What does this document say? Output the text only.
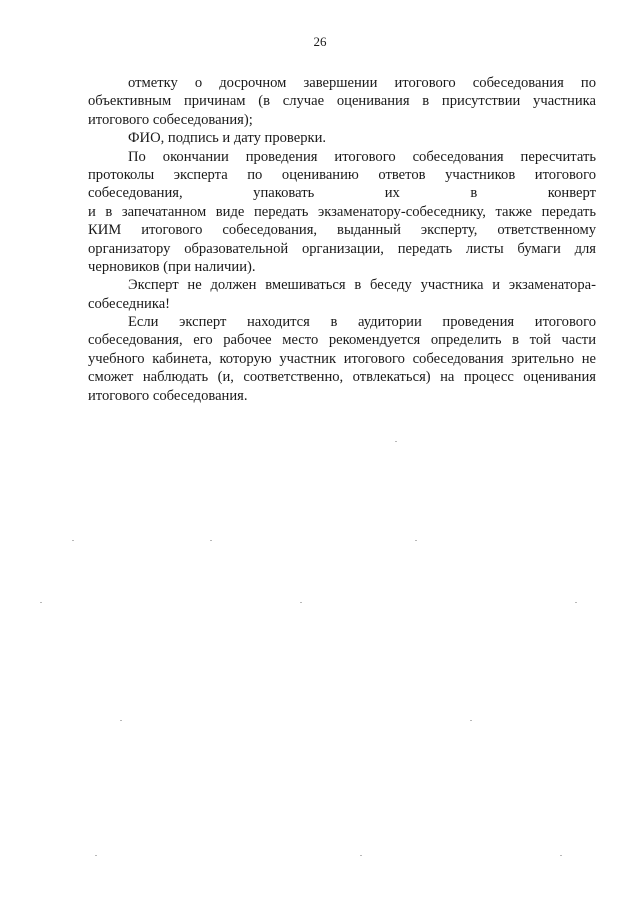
26
отметку о досрочном завершении итогового собеседования по
объективным причинам (в случае оценивания в присутствии участника
итогового собеседования);
ФИО, подпись и дату проверки.
По окончании проведения итогового собеседования пересчитать
протоколы эксперта по оцениванию ответов участников итогового
собеседования, упаковать их в конверт
и в запечатанном виде передать экзаменатору-собеседнику, также передать
КИМ итогового собеседования, выданный эксперту, ответственному
организатору образовательной организации, передать листы бумаги для
черновиков (при наличии).
Эксперт не должен вмешиваться в беседу участника и экзаменатора-
собеседника!
Если эксперт находится в аудитории проведения итогового
собеседования, его рабочее место рекомендуется определить в той части
учебного кабинета, которую участник итогового собеседования зрительно не
сможет наблюдать (и, соответственно, отвлекаться) на процесс оценивания
итогового собеседования.
